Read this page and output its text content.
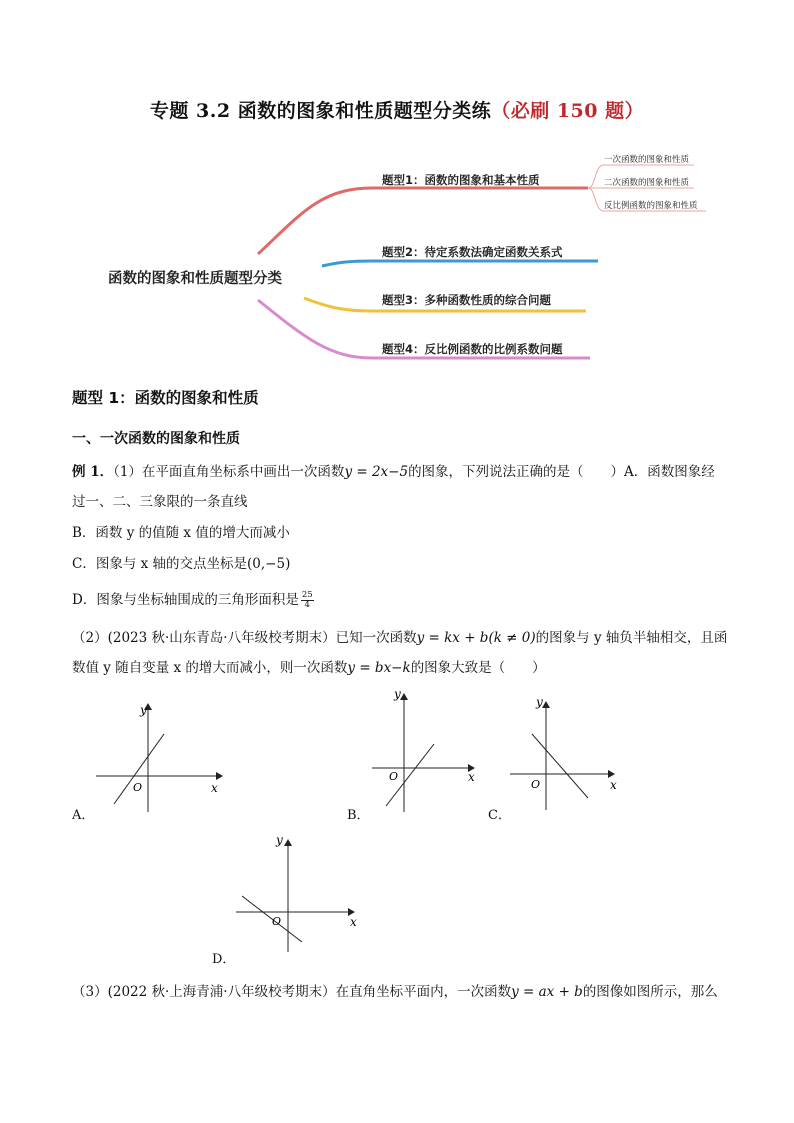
专题 3.2 函数的图象和性质题型分类练（必刷 150 题）
函数的图象和性质题型分类
题型1：函数的图象和基本性质
题型2：待定系数法确定函数关系式
题型3：多种函数性质的综合问题
题型4：反比例函数的比例系数问题
一次函数的图象和性质
二次函数的图象和性质
反比例函数的图象和性质
题型 1：函数的图象和性质
一、一次函数的图象和性质
例 1．（1）在平面直角坐标系中画出一次函数y = 2x−5的图象，下列说法正确的是（　　）A．函数图象经
过一、二、三象限的一条直线
B．函数 y 的值随 x 值的增大而减小
C．图象与 x 轴的交点坐标是(0,−5)
D．图象与坐标轴围成的三角形面积是 $\frac{25}{4}$
（2）(2023 秋·山东青岛·八年级校考期末）已知一次函数y = kx + b(k ≠ 0)的图象与 y 轴负半轴相交，且函
数值 y 随自变量 x 的增大而减小，则一次函数y = bx−k的图象大致是（　　）
y
x
O
A．
y
x
O
B．
y
x
O
C．
y
x
O
D．
（3）(2022 秋·上海青浦·八年级校考期末）在直角坐标平面内，一次函数y = ax + b的图像如图所示，那么
